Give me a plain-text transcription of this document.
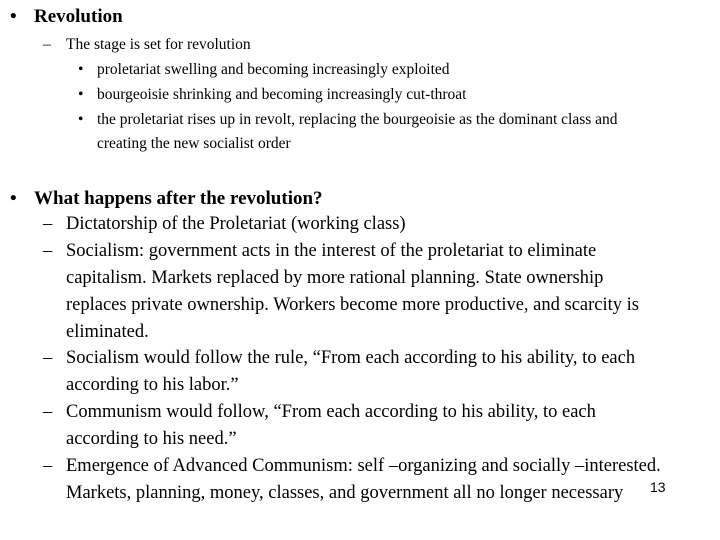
• Revolution
– The stage is set for revolution
• proletariat swelling and becoming increasingly exploited
• bourgeoisie shrinking and becoming increasingly cut-throat
• the proletariat rises up in revolt, replacing the bourgeoisie as the dominant class and
creating the new socialist order
• What happens after the revolution?
– Dictatorship of the Proletariat (working class)
– Socialism: government acts in the interest of the proletariat to eliminate
capitalism. Markets replaced by more rational planning. State ownership
replaces private ownership. Workers become more productive, and scarcity is
eliminated.
– Socialism would follow the rule, “From each according to his ability, to each
according to his labor.”
– Communism would follow, “From each according to his ability, to each
according to his need.”
– Emergence of Advanced Communism: self –organizing and socially –interested.
Markets, planning, money, classes, and government all no longer necessary 13
